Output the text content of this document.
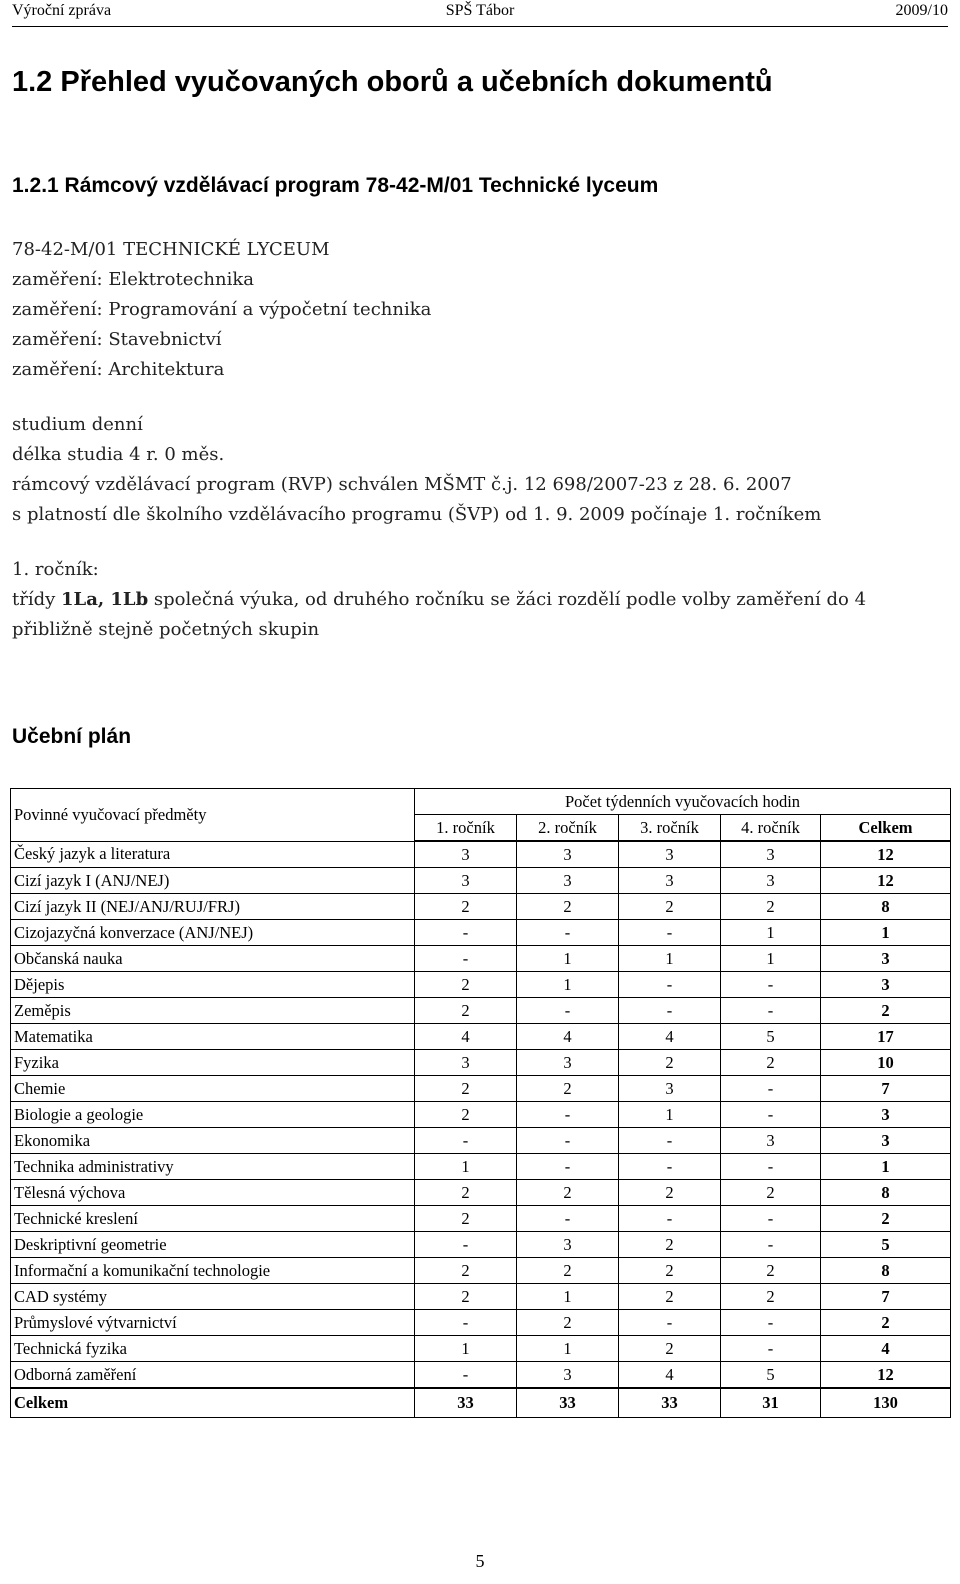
Výroční zpráva	SPŠ Tábor	2009/10
1.2 Přehled vyučovaných oborů a učebních dokumentů
1.2.1 Rámcový vzdělávací program 78-42-M/01 Technické lyceum
78-42-M/01 TECHNICKÉ LYCEUM
zaměření: Elektrotechnika
zaměření: Programování a výpočetní technika
zaměření: Stavebnictví
zaměření: Architektura
studium denní
délka studia 4 r. 0 měs.
rámcový vzdělávací program (RVP) schválen MŠMT č.j. 12 698/2007-23 z 28. 6. 2007
s platností dle školního vzdělávacího programu (ŠVP) od 1. 9. 2009 počínaje 1. ročníkem
1. ročník:
třídy 1La, 1Lb společná výuka, od druhého ročníku se žáci rozdělí podle volby zaměření do 4 přibližně stejně početných skupin
Učební plán
Povinné vyučovací předměty	Počet týdenních vyučovacích hodin				
	1. ročník	2. ročník	3. ročník	4. ročník	Celkem
Český jazyk a literatura	3	3	3	3	12
Cizí jazyk I (ANJ/NEJ)	3	3	3	3	12
Cizí jazyk II (NEJ/ANJ/RUJ/FRJ)	2	2	2	2	8
Cizojazyčná konverzace (ANJ/NEJ)	-	-	-	1	1
Občanská nauka	-	1	1	1	3
Dějepis	2	1	-	-	3
Zeměpis	2	-	-	-	2
Matematika	4	4	4	5	17
Fyzika	3	3	2	2	10
Chemie	2	2	3	-	7
Biologie a geologie	2	-	1	-	3
Ekonomika	-	-	-	3	3
Technika administrativy	1	-	-	-	1
Tělesná výchova	2	2	2	2	8
Technické kreslení	2	-	-	-	2
Deskriptivní geometrie	-	3	2	-	5
Informační a komunikační technologie	2	2	2	2	8
CAD systémy	2	1	2	2	7
Průmyslové výtvarnictví	-	2	-	-	2
Technická fyzika	1	1	2	-	4
Odborná zaměření	-	3	4	5	12
Celkem	33	33	33	31	130
5
